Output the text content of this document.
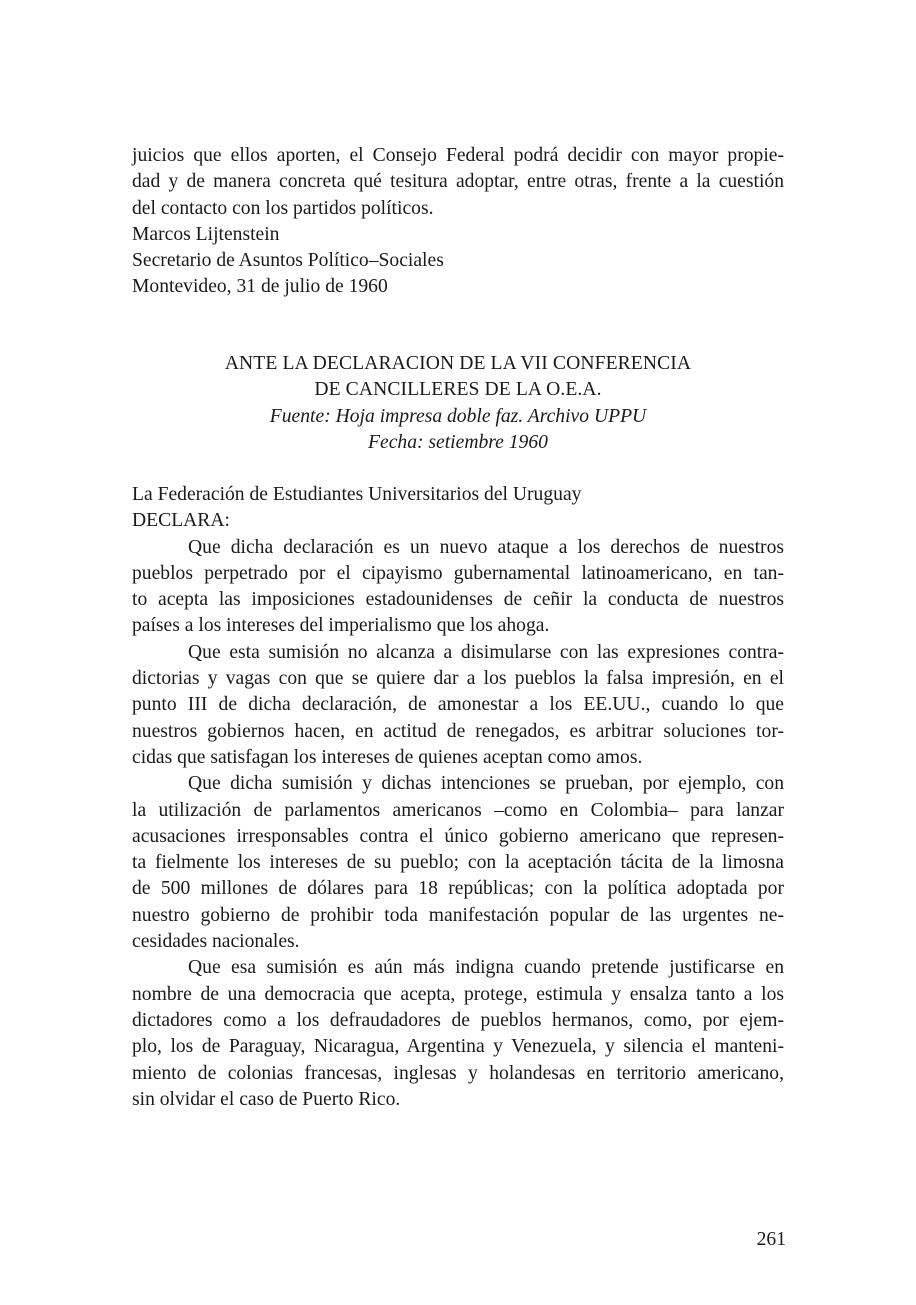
juicios que ellos aporten, el Consejo Federal podrá decidir con mayor propie-
dad y de manera concreta qué tesitura adoptar, entre otras, frente a la cuestión
del contacto con los partidos políticos.
Marcos Lijtenstein
Secretario de Asuntos Político–Sociales
Montevideo, 31 de julio de 1960
ANTE LA DECLARACION DE LA VII CONFERENCIA
DE CANCILLERES DE LA O.E.A.
Fuente: Hoja impresa doble faz. Archivo UPPU
Fecha: setiembre 1960
La Federación de Estudiantes Universitarios del Uruguay
DECLARA:
Que dicha declaración es un nuevo ataque a los derechos de nuestros
pueblos perpetrado por el cipayismo gubernamental latinoamericano, en tan-
to acepta las imposiciones estadounidenses de ceñir la conducta de nuestros
países a los intereses del imperialismo que los ahoga.
Que esta sumisión no alcanza a disimularse con las expresiones contra-
dictorias y vagas con que se quiere dar a los pueblos la falsa impresión, en el
punto III de dicha declaración, de amonestar a los EE.UU., cuando lo que
nuestros gobiernos hacen, en actitud de renegados, es arbitrar soluciones tor-
cidas que satisfagan los intereses de quienes aceptan como amos.
Que dicha sumisión y dichas intenciones se prueban, por ejemplo, con
la utilización de parlamentos americanos –como en Colombia– para lanzar
acusaciones irresponsables contra el único gobierno americano que represen-
ta fielmente los intereses de su pueblo; con la aceptación tácita de la limosna
de 500 millones de dólares para 18 repúblicas; con la política adoptada por
nuestro gobierno de prohibir toda manifestación popular de las urgentes ne-
cesidades nacionales.
Que esa sumisión es aún más indigna cuando pretende justificarse en
nombre de una democracia que acepta, protege, estimula y ensalza tanto a los
dictadores como a los defraudadores de pueblos hermanos, como, por ejem-
plo, los de Paraguay, Nicaragua, Argentina y Venezuela, y silencia el manteni-
miento de colonias francesas, inglesas y holandesas en territorio americano,
sin olvidar el caso de Puerto Rico.
261
